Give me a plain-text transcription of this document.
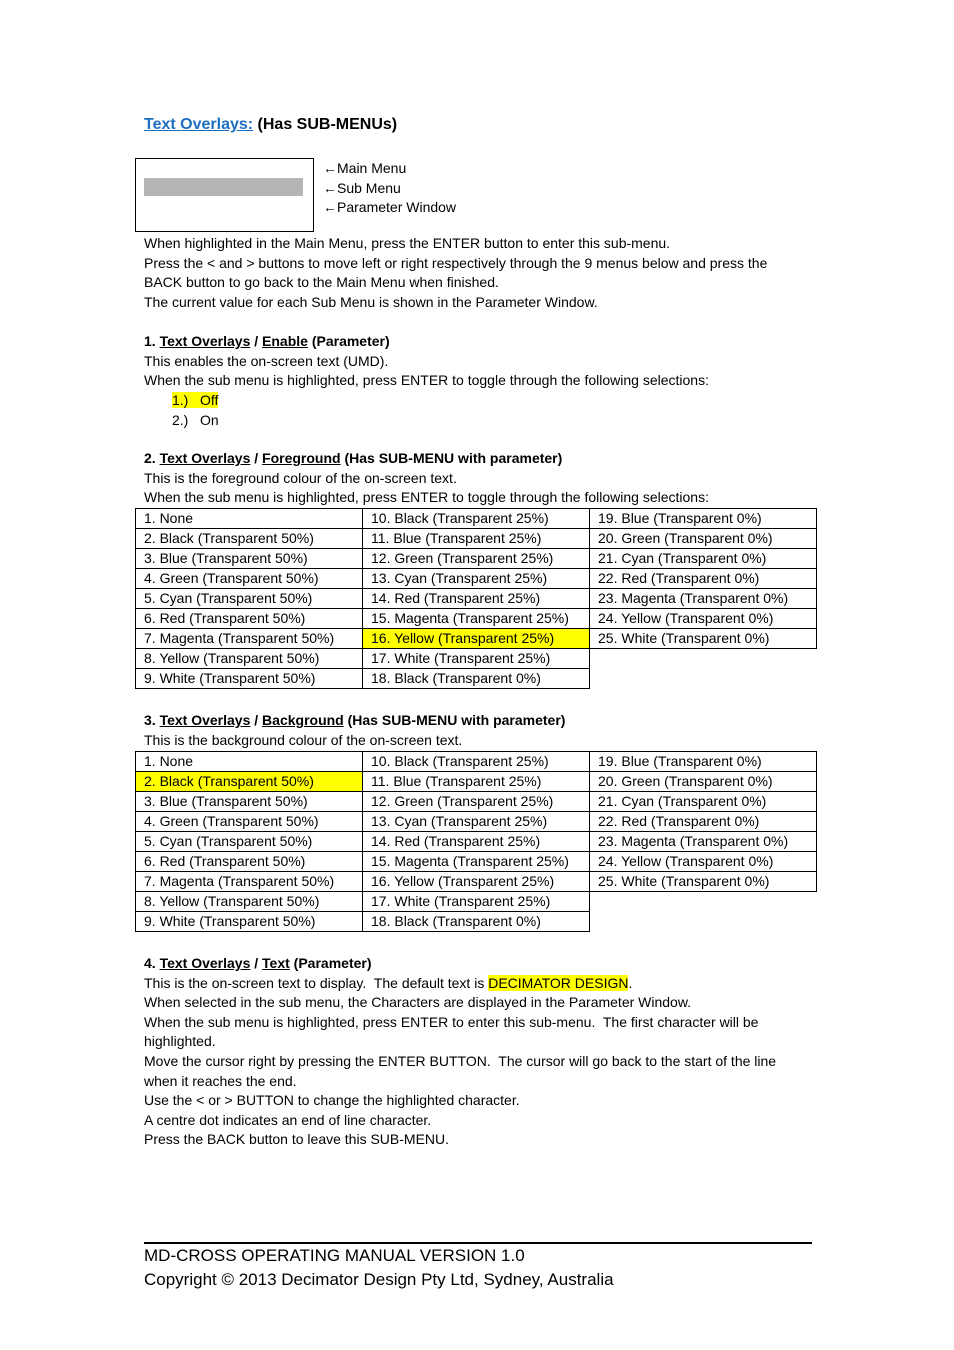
Text Overlays: (Has SUB-MENUs)
←Main Menu
←Sub Menu
←Parameter Window
When highlighted in the Main Menu, press the ENTER button to enter this sub-menu.
Press the < and > buttons to move left or right respectively through the 9 menus below and press the
BACK button to go back to the Main Menu when finished.
The current value for each Sub Menu is shown in the Parameter Window.
1. Text Overlays / Enable (Parameter)
This enables the on-screen text (UMD).
When the sub menu is highlighted, press ENTER to toggle through the following selections:
1.)   Off
2.)   On
2. Text Overlays / Foreground (Has SUB-MENU with parameter)
This is the foreground colour of the on-screen text.
When the sub menu is highlighted, press ENTER to toggle through the following selections:
1. None	10. Black (Transparent 25%)	19. Blue (Transparent 0%)
2. Black (Transparent 50%)	11. Blue (Transparent 25%)	20. Green (Transparent 0%)
3. Blue (Transparent 50%)	12. Green (Transparent 25%)	21. Cyan (Transparent 0%)
4. Green (Transparent 50%)	13. Cyan (Transparent 25%)	22. Red (Transparent 0%)
5. Cyan (Transparent 50%)	14. Red (Transparent 25%)	23. Magenta (Transparent 0%)
6. Red (Transparent 50%)	15. Magenta (Transparent 25%)	24. Yellow (Transparent 0%)
7. Magenta (Transparent 50%)	16. Yellow (Transparent 25%)	25. White (Transparent 0%)
8. Yellow (Transparent 50%)	17. White (Transparent 25%)	
9. White (Transparent 50%)	18. Black (Transparent 0%)	
3. Text Overlays / Background (Has SUB-MENU with parameter)
This is the background colour of the on-screen text.
1. None	10. Black (Transparent 25%)	19. Blue (Transparent 0%)
2. Black (Transparent 50%)	11. Blue (Transparent 25%)	20. Green (Transparent 0%)
3. Blue (Transparent 50%)	12. Green (Transparent 25%)	21. Cyan (Transparent 0%)
4. Green (Transparent 50%)	13. Cyan (Transparent 25%)	22. Red (Transparent 0%)
5. Cyan (Transparent 50%)	14. Red (Transparent 25%)	23. Magenta (Transparent 0%)
6. Red (Transparent 50%)	15. Magenta (Transparent 25%)	24. Yellow (Transparent 0%)
7. Magenta (Transparent 50%)	16. Yellow (Transparent 25%)	25. White (Transparent 0%)
8. Yellow (Transparent 50%)	17. White (Transparent 25%)	
9. White (Transparent 50%)	18. Black (Transparent 0%)	
4. Text Overlays / Text (Parameter)
This is the on-screen text to display.  The default text is DECIMATOR DESIGN.
When selected in the sub menu, the Characters are displayed in the Parameter Window.
When the sub menu is highlighted, press ENTER to enter this sub-menu.  The first character will be
highlighted.
Move the cursor right by pressing the ENTER BUTTON.  The cursor will go back to the start of the line
when it reaches the end.
Use the < or > BUTTON to change the highlighted character.
A centre dot indicates an end of line character.
Press the BACK button to leave this SUB-MENU.
MD-CROSS OPERATING MANUAL VERSION 1.0
Copyright © 2013 Decimator Design Pty Ltd, Sydney, Australia
